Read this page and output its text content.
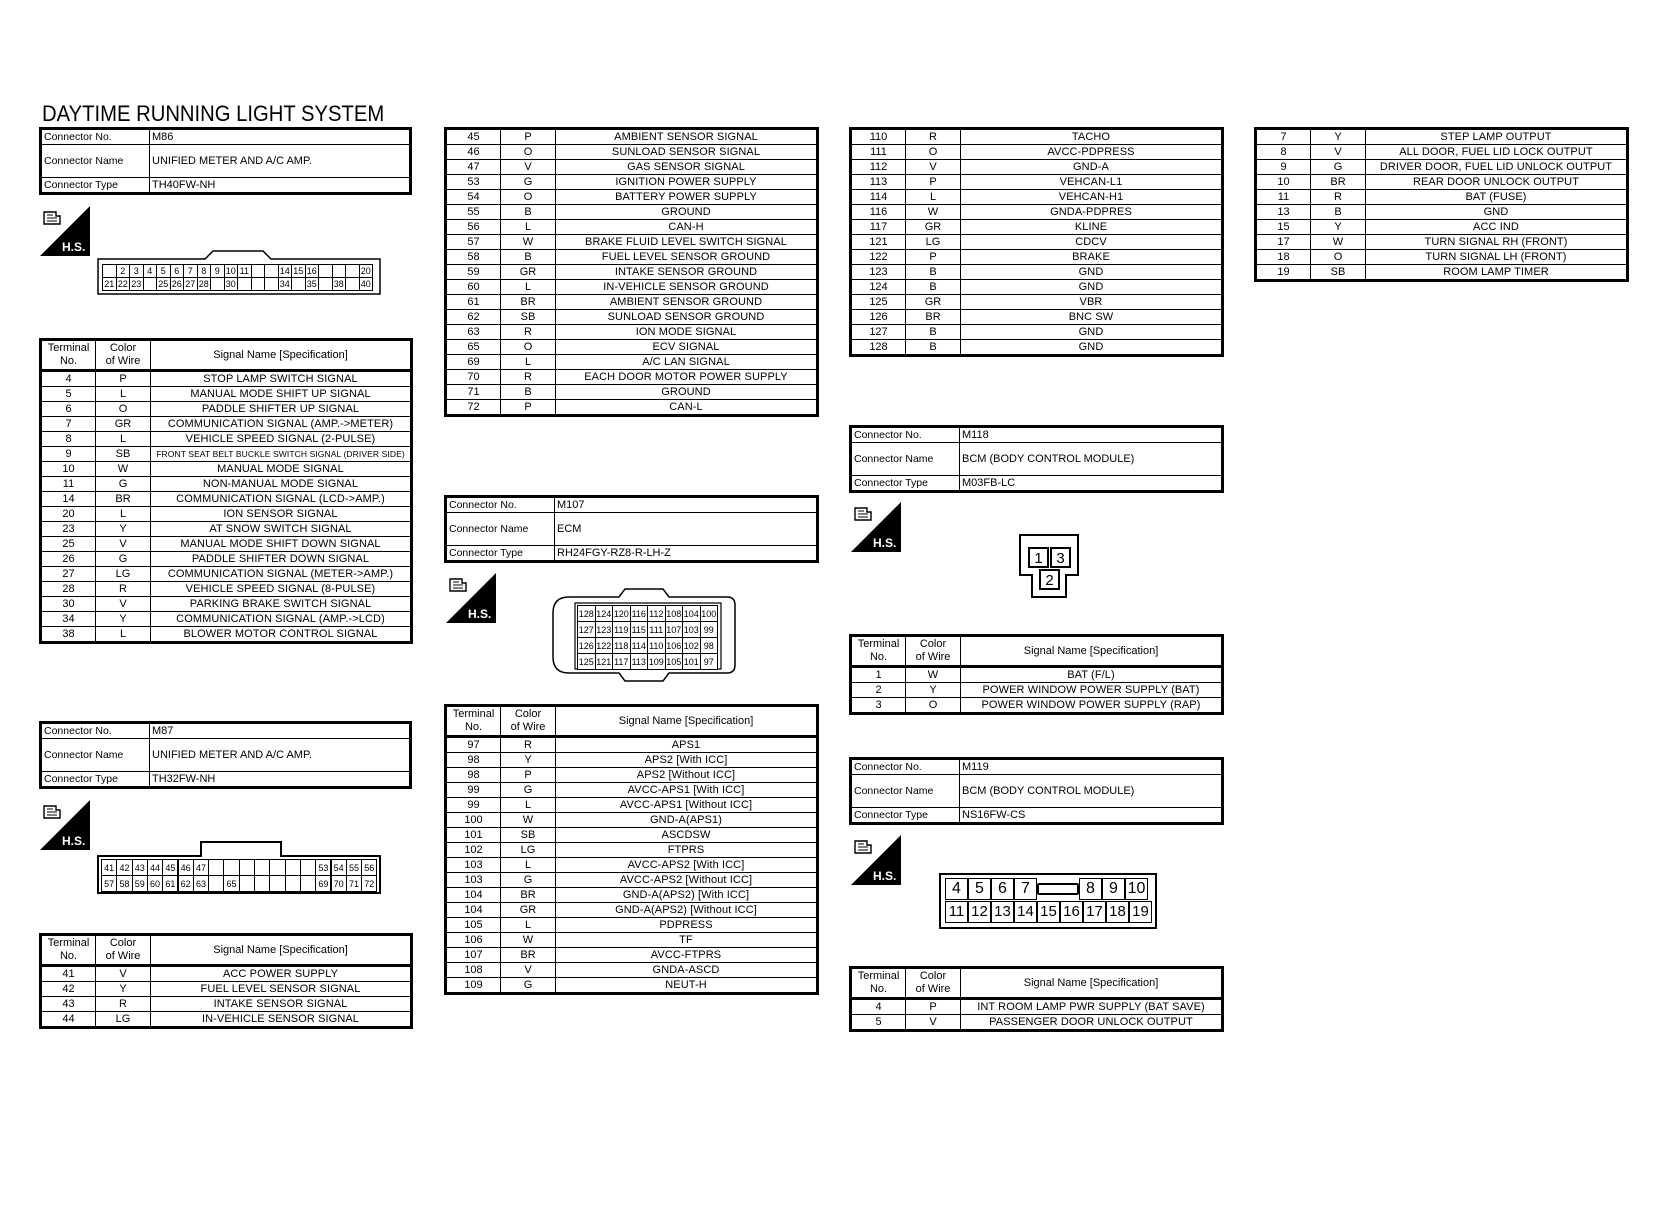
DAYTIME RUNNING LIGHT SYSTEM
Connector No.	M86
Connector Name	UNIFIED METER AND A/C AMP.
Connector Type	TH40FW-NH
H.S.
2 3 4 5 6 7 8 9 10 11	14 15 16	20
21 22 23 25 26 27 28 30	34 35 38 40
Terminal
No.	Color
of Wire	Signal Name [Specification]
4	P	STOP LAMP SWITCH SIGNAL
5	L	MANUAL MODE SHIFT UP SIGNAL
6	O	PADDLE SHIFTER UP SIGNAL
7	GR	COMMUNICATION SIGNAL (AMP.->METER)
8	L	VEHICLE SPEED SIGNAL (2-PULSE)
9	SB	FRONT SEAT BELT BUCKLE SWITCH SIGNAL (DRIVER SIDE)
10	W	MANUAL MODE SIGNAL
11	G	NON-MANUAL MODE SIGNAL
14	BR	COMMUNICATION SIGNAL (LCD->AMP.)
20	L	ION SENSOR SIGNAL
23	Y	AT SNOW SWITCH SIGNAL
25	V	MANUAL MODE SHIFT DOWN SIGNAL
26	G	PADDLE SHIFTER DOWN SIGNAL
27	LG	COMMUNICATION SIGNAL (METER->AMP.)
28	R	VEHICLE SPEED SIGNAL (8-PULSE)
30	V	PARKING BRAKE SWITCH SIGNAL
34	Y	COMMUNICATION SIGNAL (AMP.->LCD)
38	L	BLOWER MOTOR CONTROL SIGNAL
Connector No.	M87
Connector Name	UNIFIED METER AND A/C AMP.
Connector Type	TH32FW-NH
H.S.
41 42 43 44 45 46 47	53 54 55 56
57 58 59 60 61 62 63	65	69 70 71 72
Terminal
No.	Color
of Wire	Signal Name [Specification]
41	V	ACC POWER SUPPLY
42	Y	FUEL LEVEL SENSOR SIGNAL
43	R	INTAKE SENSOR SIGNAL
44	LG	IN-VEHICLE SENSOR SIGNAL
45	P	AMBIENT SENSOR SIGNAL
46	O	SUNLOAD SENSOR SIGNAL
47	V	GAS SENSOR SIGNAL
53	G	IGNITION POWER SUPPLY
54	O	BATTERY POWER SUPPLY
55	B	GROUND
56	L	CAN-H
57	W	BRAKE FLUID LEVEL SWITCH SIGNAL
58	B	FUEL LEVEL SENSOR GROUND
59	GR	INTAKE SENSOR GROUND
60	L	IN-VEHICLE SENSOR GROUND
61	BR	AMBIENT SENSOR GROUND
62	SB	SUNLOAD SENSOR GROUND
63	R	ION MODE SIGNAL
65	O	ECV SIGNAL
69	L	A/C LAN SIGNAL
70	R	EACH DOOR MOTOR POWER SUPPLY
71	B	GROUND
72	P	CAN-L
Connector No.	M107
Connector Name	ECM
Connector Type	RH24FGY-RZ8-R-LH-Z
H.S.	128 124 120 116 112 108 104 100
127 123 119 115 111 107 103 99
126 122 118 114 110 106 102 98
125 121 117 113 109 105 101 97
Terminal
No.	Color
of Wire	Signal Name [Specification]
97	R	APS1
98	Y	APS2 [With ICC]
98	P	APS2 [Without ICC]
99	G	AVCC-APS1 [With ICC]
99	L	AVCC-APS1 [Without ICC]
100	W	GND-A(APS1)
101	SB	ASCDSW
102	LG	FTPRS
103	L	AVCC-APS2 [With ICC]
103	G	AVCC-APS2 [Without ICC]
104	BR	GND-A(APS2) [With ICC]
104	GR	GND-A(APS2) [Without ICC]
105	L	PDPRESS
106	W	TF
107	BR	AVCC-FTPRS
108	V	GNDA-ASCD
109	G	NEUT-H
110	R	TACHO
111	O	AVCC-PDPRESS
112	V	GND-A
113	P	VEHCAN-L1
114	L	VEHCAN-H1
116	W	GNDA-PDPRES
117	GR	KLINE
121	LG	CDCV
122	P	BRAKE
123	B	GND
124	B	GND
125	GR	VBR
126	BR	BNC SW
127	B	GND
128	B	GND
Connector No.	M118
Connector Name	BCM (BODY CONTROL MODULE)
Connector Type	M03FB-LC
H.S.
1 3
2
Terminal
No.	Color
of Wire	Signal Name [Specification]
1	W	BAT (F/L)
2	Y	POWER WINDOW POWER SUPPLY (BAT)
3	O	POWER WINDOW POWER SUPPLY (RAP)
Connector No.	M119
Connector Name	BCM (BODY CONTROL MODULE)
Connector Type	NS16FW-CS
H.S.
4 5 6 7	8 9 10
11 12 13 14 15 16 17 18 19
Terminal
No.	Color
of Wire	Signal Name [Specification]
4	P	INT ROOM LAMP PWR SUPPLY (BAT SAVE)
5	V	PASSENGER DOOR UNLOCK OUTPUT
7	Y	STEP LAMP OUTPUT
8	V	ALL DOOR, FUEL LID LOCK OUTPUT
9	G	DRIVER DOOR, FUEL LID UNLOCK OUTPUT
10	BR	REAR DOOR UNLOCK OUTPUT
11	R	BAT (FUSE)
13	B	GND
15	Y	ACC IND
17	W	TURN SIGNAL RH (FRONT)
18	O	TURN SIGNAL LH (FRONT)
19	SB	ROOM LAMP TIMER
